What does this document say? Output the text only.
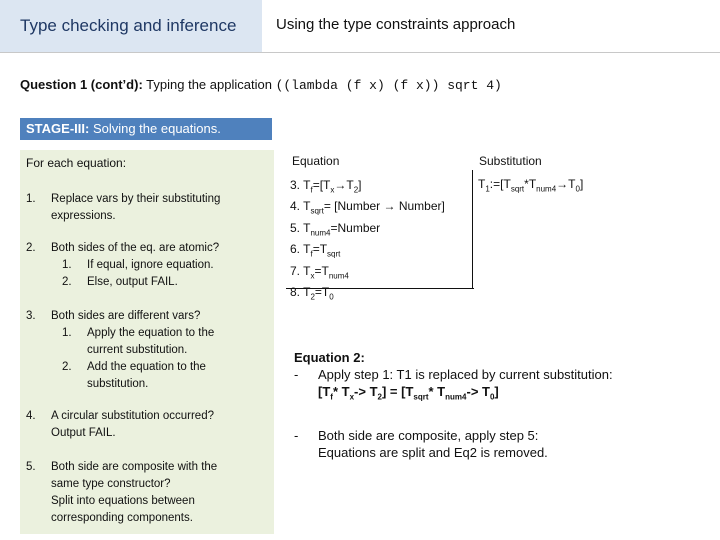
Type checking and inference	Using the type constraints approach
Question 1 (cont’d): Typing the application ((lambda (f x) (f x)) sqrt 4)
STAGE-III: Solving the equations.
For each equation:
1. Replace vars by their substituting expressions.
2. Both sides of the eq. are atomic?
1. If equal, ignore equation.
2. Else, output FAIL.
3. Both sides are different vars?
1. Apply the equation to the current substitution.
2. Add the equation to the substitution.
4. A circular substitution occurred? Output FAIL.
5. Both side are composite with the same type constructor?
Split into equations between corresponding components.
Equation	Substitution
3. $T_f=[T_x\to T_2]$
4. $T_{sqrt}=$ [Number → Number]
5. $T_{num4}=Number$
6. $T_f=T_{sqrt}$
7. $T_x=T_{num4}$
8. $T_2=T_0$
$T_1:=[T_{sqrt}*T_{num4}\to T_0]$
Equation 2:
- Apply step 1: T1 is replaced by current substitution:
[$T_f*$ $T_x-> T_2] = [T_{sqrt}*$ $T_{num4}-> T_0$]
- Both side are composite, apply step 5: Equations are split and Eq2 is removed.
